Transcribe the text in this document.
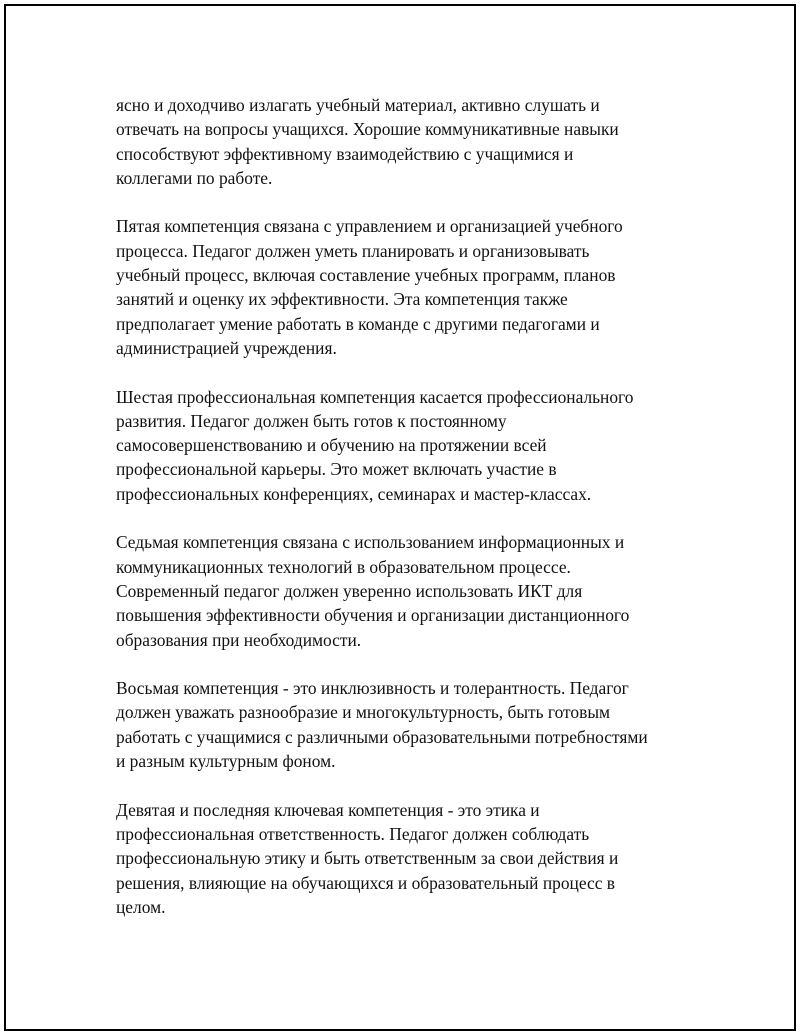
ясно и доходчиво излагать учебный материал, активно слушать и
отвечать на вопросы учащихся. Хорошие коммуникативные навыки
способствуют эффективному взаимодействию с учащимися и
коллегами по работе.

Пятая компетенция связана с управлением и организацией учебного
процесса. Педагог должен уметь планировать и организовывать
учебный процесс, включая составление учебных программ, планов
занятий и оценку их эффективности. Эта компетенция также
предполагает умение работать в команде с другими педагогами и
администрацией учреждения.

Шестая профессиональная компетенция касается профессионального
развития. Педагог должен быть готов к постоянному
самосовершенствованию и обучению на протяжении всей
профессиональной карьеры. Это может включать участие в
профессиональных конференциях, семинарах и мастер-классах.

Седьмая компетенция связана с использованием информационных и
коммуникационных технологий в образовательном процессе.
Современный педагог должен уверенно использовать ИКТ для
повышения эффективности обучения и организации дистанционного
образования при необходимости.

Восьмая компетенция - это инклюзивность и толерантность. Педагог
должен уважать разнообразие и многокультурность, быть готовым
работать с учащимися с различными образовательными потребностями
и разным культурным фоном.

Девятая и последняя ключевая компетенция - это этика и
профессиональная ответственность. Педагог должен соблюдать
профессиональную этику и быть ответственным за свои действия и
решения, влияющие на обучающихся и образовательный процесс в
целом.
